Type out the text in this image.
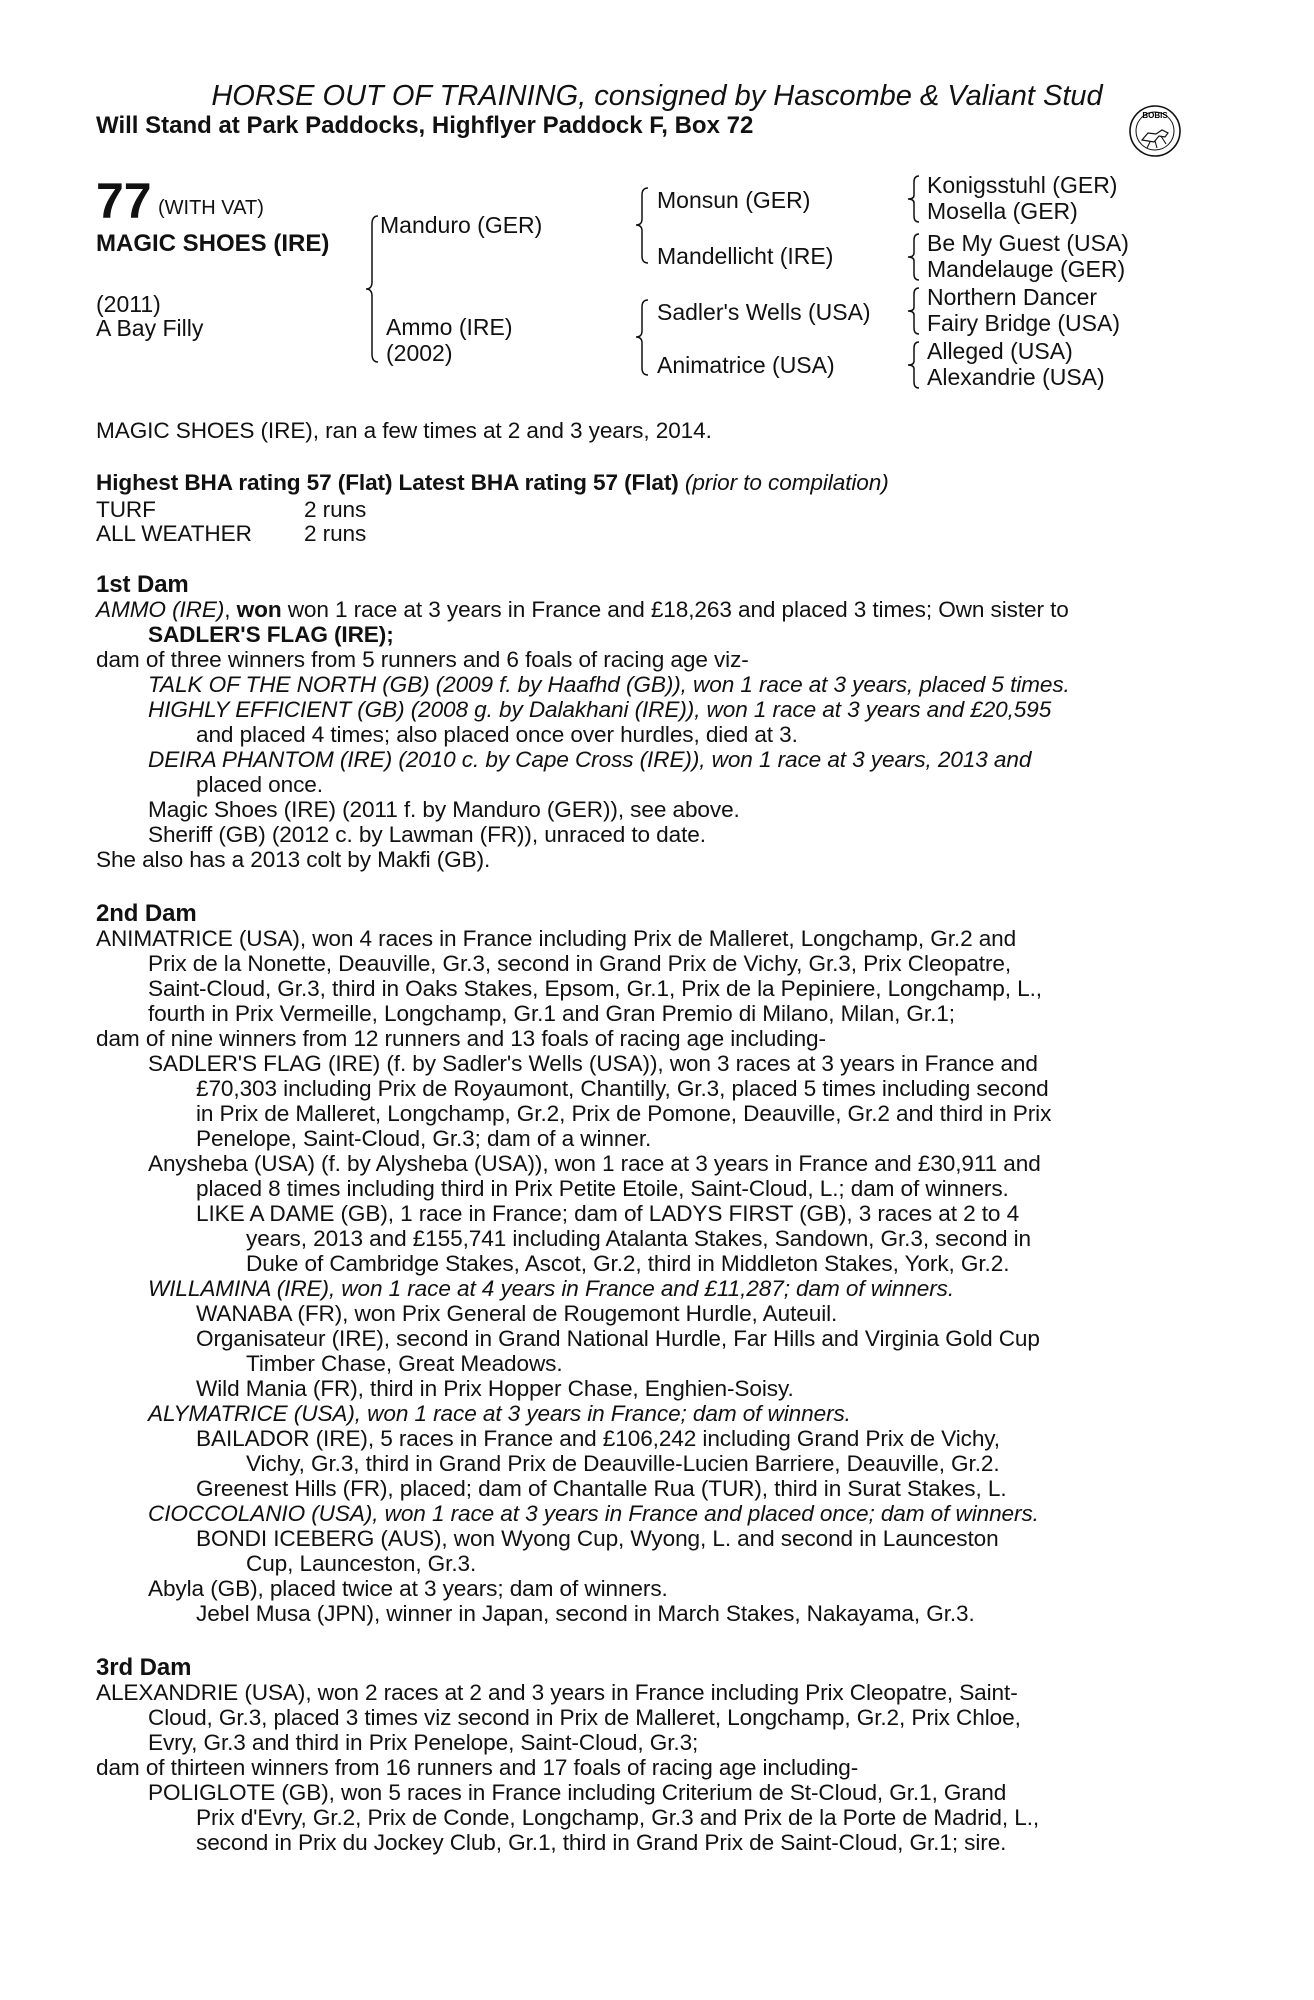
HORSE OUT OF TRAINING, consigned by Hascombe & Valiant Stud
Will Stand at Park Paddocks, Highflyer Paddock F, Box 72	BOBIS
77 (WITH VAT)
MAGIC SHOES (IRE)
(2011)
A Bay Filly
Manduro (GER)
Ammo (IRE)
(2002)
Monsun (GER)
Mandellicht (IRE)
Sadler's Wells (USA)
Animatrice (USA)
Konigsstuhl (GER)
Mosella (GER)
Be My Guest (USA)
Mandelauge (GER)
Northern Dancer
Fairy Bridge (USA)
Alleged (USA)
Alexandrie (USA)
MAGIC SHOES (IRE), ran a few times at 2 and 3 years, 2014.
Highest BHA rating 57 (Flat) Latest BHA rating 57 (Flat) (prior to compilation)
TURF	2 runs
ALL WEATHER 2 runs
1st Dam
AMMO (IRE), won won 1 race at 3 years in France and £18,263 and placed 3 times; Own sister to
SADLER'S FLAG (IRE);
dam of three winners from 5 runners and 6 foals of racing age viz-
TALK OF THE NORTH (GB) (2009 f. by Haafhd (GB)), won 1 race at 3 years, placed 5 times.
HIGHLY EFFICIENT (GB) (2008 g. by Dalakhani (IRE)), won 1 race at 3 years and £20,595
and placed 4 times; also placed once over hurdles, died at 3.
DEIRA PHANTOM (IRE) (2010 c. by Cape Cross (IRE)), won 1 race at 3 years, 2013 and
placed once.
Magic Shoes (IRE) (2011 f. by Manduro (GER)), see above.
Sheriff (GB) (2012 c. by Lawman (FR)), unraced to date.
She also has a 2013 colt by Makfi (GB).
2nd Dam
ANIMATRICE (USA), won 4 races in France including Prix de Malleret, Longchamp, Gr.2 and
Prix de la Nonette, Deauville, Gr.3, second in Grand Prix de Vichy, Gr.3, Prix Cleopatre,
Saint-Cloud, Gr.3, third in Oaks Stakes, Epsom, Gr.1, Prix de la Pepiniere, Longchamp, L.,
fourth in Prix Vermeille, Longchamp, Gr.1 and Gran Premio di Milano, Milan, Gr.1;
dam of nine winners from 12 runners and 13 foals of racing age including-
SADLER'S FLAG (IRE) (f. by Sadler's Wells (USA)), won 3 races at 3 years in France and
£70,303 including Prix de Royaumont, Chantilly, Gr.3, placed 5 times including second
in Prix de Malleret, Longchamp, Gr.2, Prix de Pomone, Deauville, Gr.2 and third in Prix
Penelope, Saint-Cloud, Gr.3; dam of a winner.
Anysheba (USA) (f. by Alysheba (USA)), won 1 race at 3 years in France and £30,911 and
placed 8 times including third in Prix Petite Etoile, Saint-Cloud, L.; dam of winners.
LIKE A DAME (GB), 1 race in France; dam of LADYS FIRST (GB), 3 races at 2 to 4
years, 2013 and £155,741 including Atalanta Stakes, Sandown, Gr.3, second in
Duke of Cambridge Stakes, Ascot, Gr.2, third in Middleton Stakes, York, Gr.2.
WILLAMINA (IRE), won 1 race at 4 years in France and £11,287; dam of winners.
WANABA (FR), won Prix General de Rougemont Hurdle, Auteuil.
Organisateur (IRE), second in Grand National Hurdle, Far Hills and Virginia Gold Cup
Timber Chase, Great Meadows.
Wild Mania (FR), third in Prix Hopper Chase, Enghien-Soisy.
ALYMATRICE (USA), won 1 race at 3 years in France; dam of winners.
BAILADOR (IRE), 5 races in France and £106,242 including Grand Prix de Vichy,
Vichy, Gr.3, third in Grand Prix de Deauville-Lucien Barriere, Deauville, Gr.2.
Greenest Hills (FR), placed; dam of Chantalle Rua (TUR), third in Surat Stakes, L.
CIOCCOLANIO (USA), won 1 race at 3 years in France and placed once; dam of winners.
BONDI ICEBERG (AUS), won Wyong Cup, Wyong, L. and second in Launceston
Cup, Launceston, Gr.3.
Abyla (GB), placed twice at 3 years; dam of winners.
Jebel Musa (JPN), winner in Japan, second in March Stakes, Nakayama, Gr.3.
3rd Dam
ALEXANDRIE (USA), won 2 races at 2 and 3 years in France including Prix Cleopatre, Saint-
Cloud, Gr.3, placed 3 times viz second in Prix de Malleret, Longchamp, Gr.2, Prix Chloe,
Evry, Gr.3 and third in Prix Penelope, Saint-Cloud, Gr.3;
dam of thirteen winners from 16 runners and 17 foals of racing age including-
POLIGLOTE (GB), won 5 races in France including Criterium de St-Cloud, Gr.1, Grand
Prix d'Evry, Gr.2, Prix de Conde, Longchamp, Gr.3 and Prix de la Porte de Madrid, L.,
second in Prix du Jockey Club, Gr.1, third in Grand Prix de Saint-Cloud, Gr.1; sire.
